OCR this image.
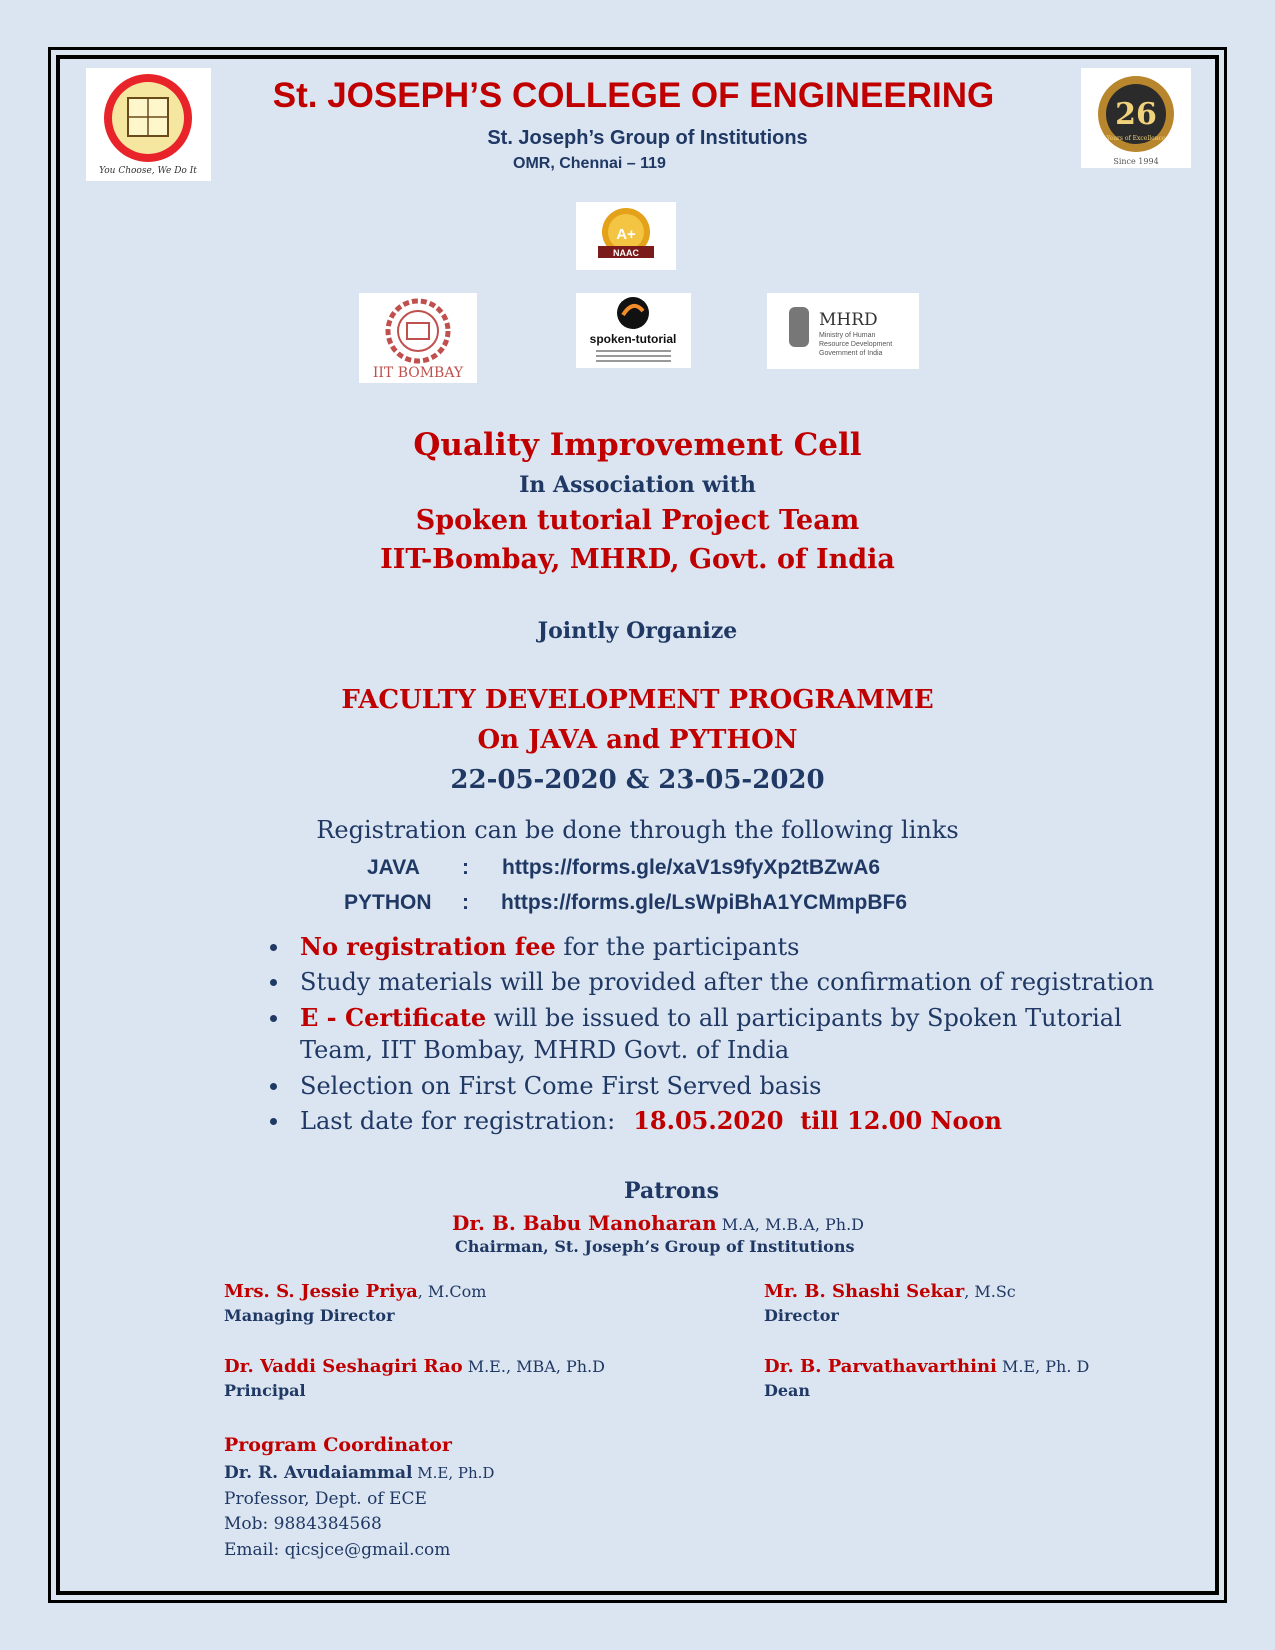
You Choose, We Do It
26
Years of Excellence
Since 1994
St. JOSEPH’S COLLEGE OF ENGINEERING
St. Joseph’s Group of Institutions
OMR, Chennai – 119
A+
NAAC
IIT BOMBAY
spoken-tutorial
MHRD
Ministry of Human
Resource Development
Government of India
Quality Improvement Cell
In Association with
Spoken tutorial Project Team
IIT-Bombay, MHRD, Govt. of India
Jointly Organize
FACULTY DEVELOPMENT PROGRAMME
On JAVA and PYTHON
22-05-2020 & 23-05-2020
Registration can be done through the following links
JAVA : https://forms.gle/xaV1s9fyXp2tBZwA6
PYTHON : https://forms.gle/LsWpiBhA1YCMmpBF6
No registration fee for the participants
Study materials will be provided after the confirmation of registration
E - Certificate will be issued to all participants by Spoken Tutorial
Team, IIT Bombay, MHRD Govt. of India
Selection on First Come First Served basis
Last date for registration: 18.05.2020  till 12.00 Noon
Patrons
Dr. B. Babu Manoharan M.A, M.B.A, Ph.D
Chairman, St. Joseph’s Group of Institutions
Mrs. S. Jessie Priya, M.Com
Managing Director
Mr. B. Shashi Sekar, M.Sc
Director
Dr. Vaddi Seshagiri Rao M.E., MBA, Ph.D
Principal
Dr. B. Parvathavarthini M.E, Ph. D
Dean
Program Coordinator
Dr. R. Avudaiammal M.E, Ph.D
Professor, Dept. of ECE
Mob: 9884384568
Email: qicsjce@gmail.com
